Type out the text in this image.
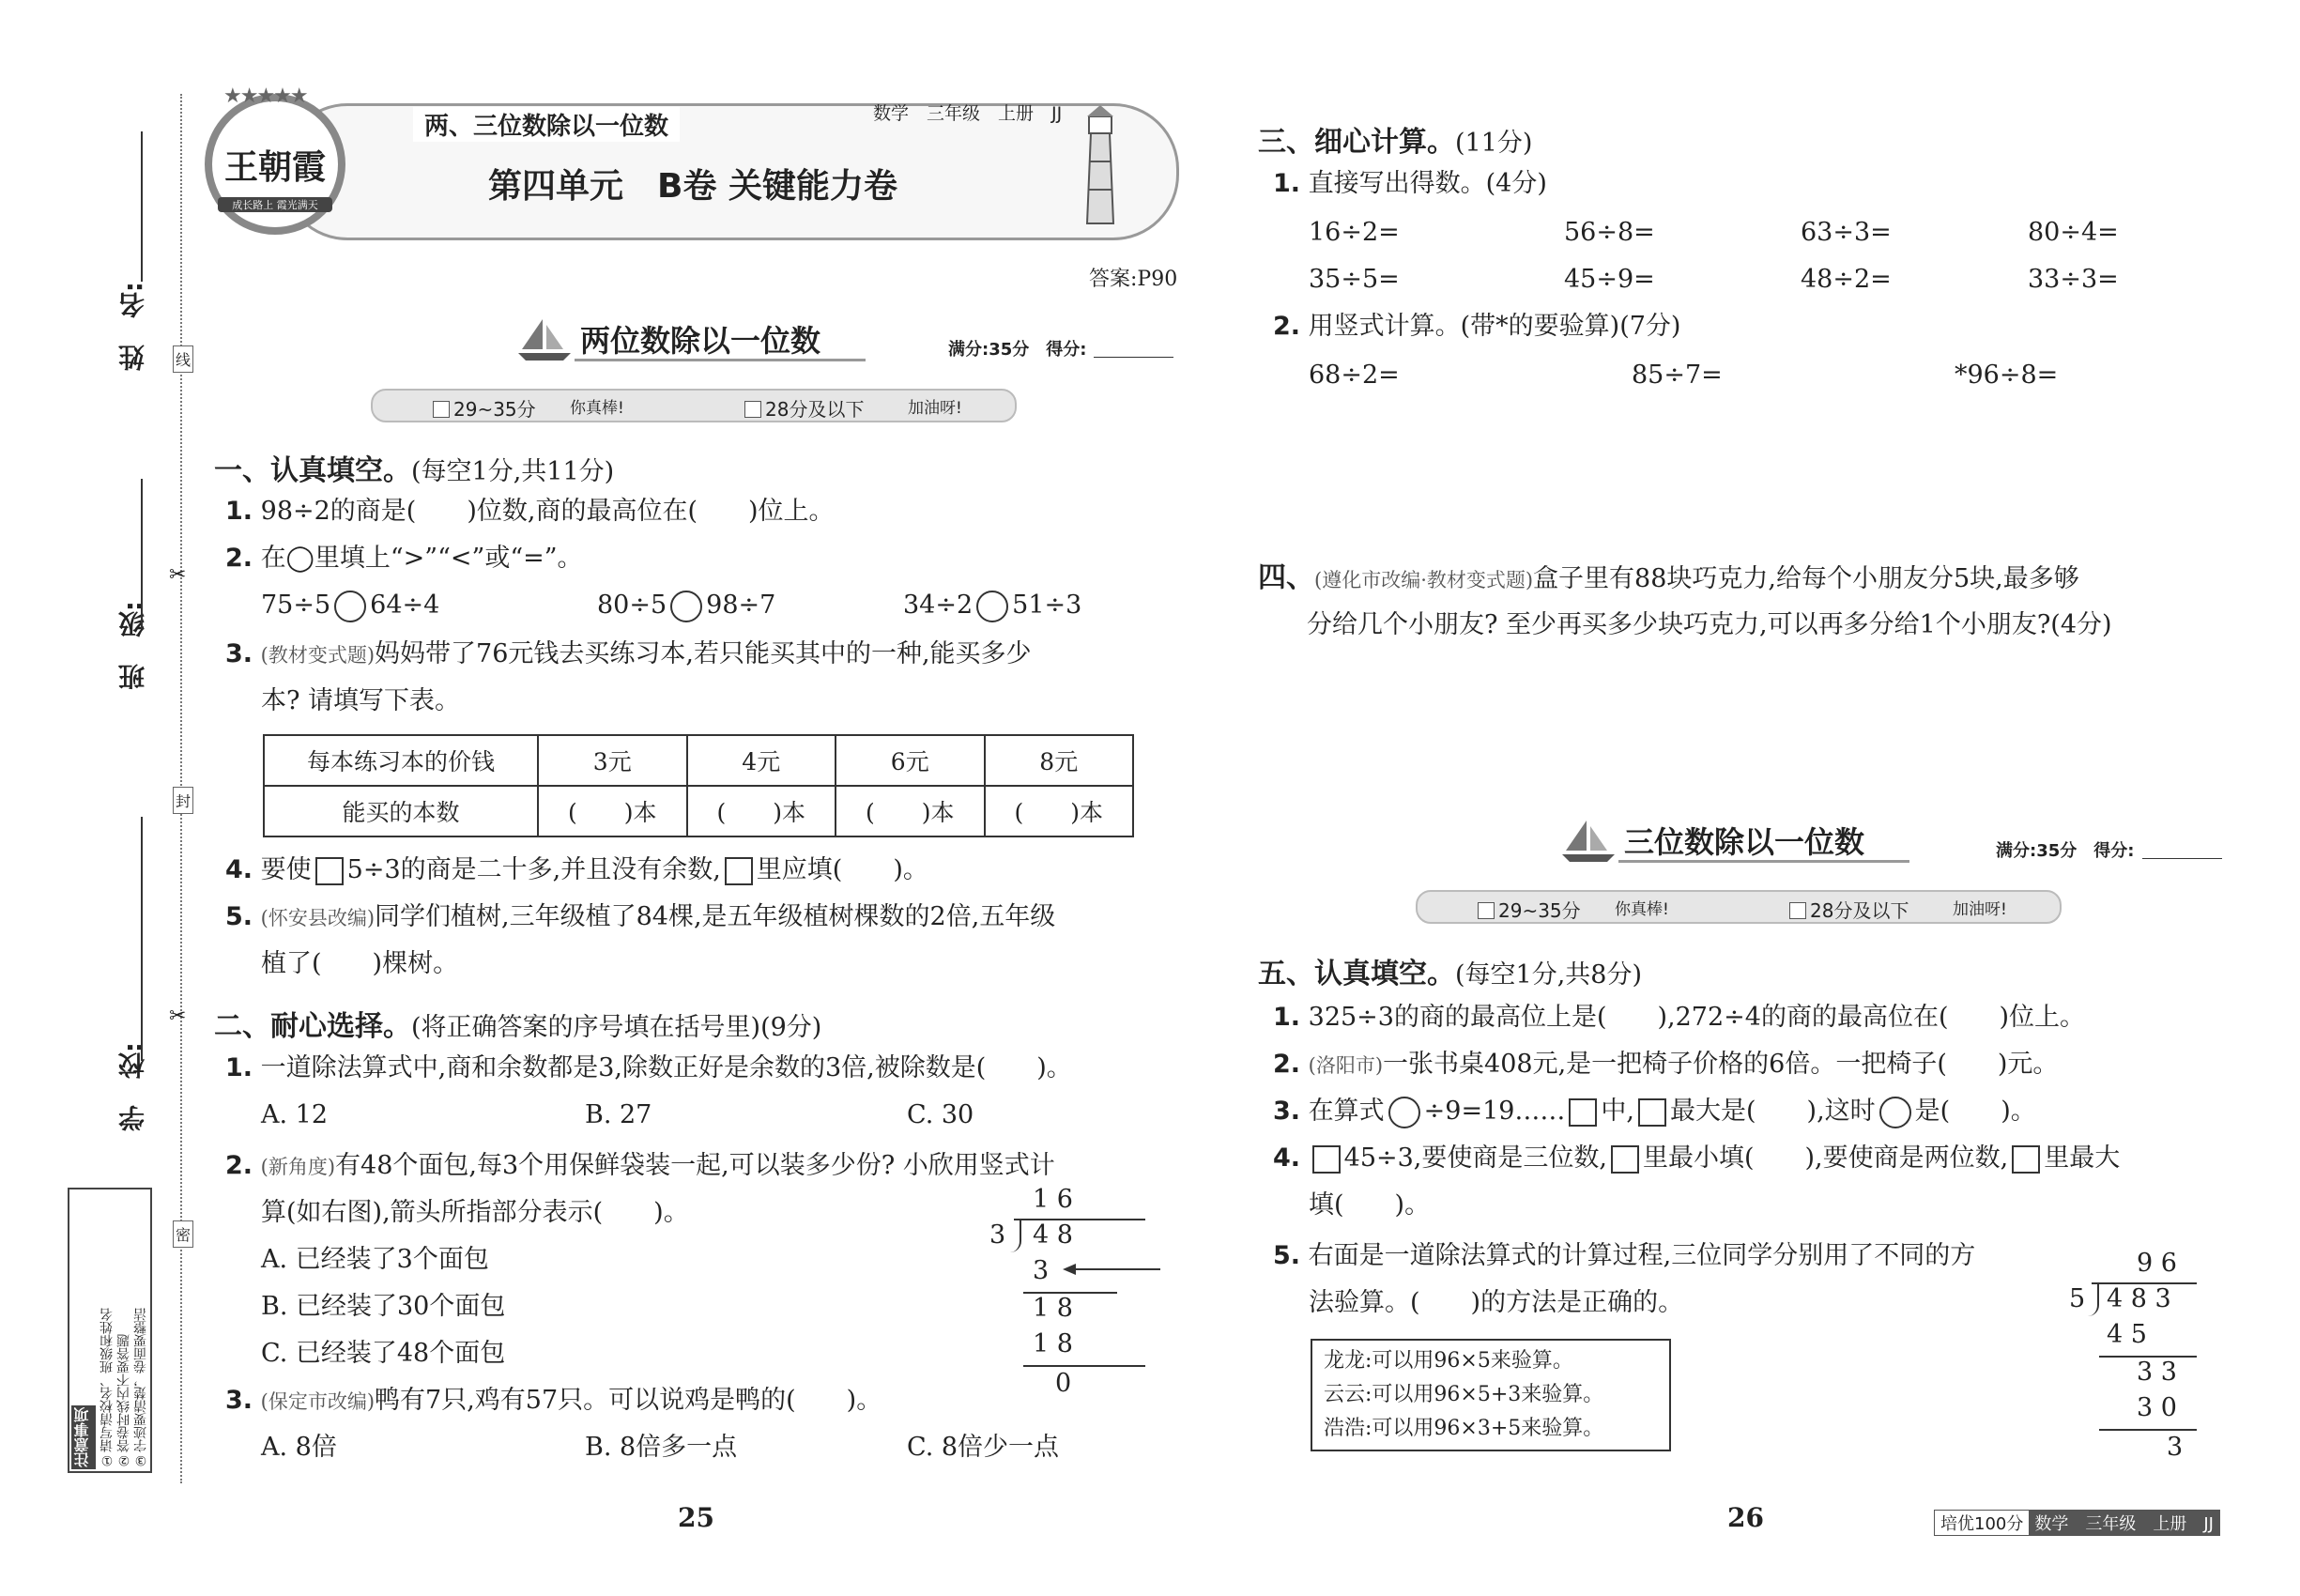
姓　名:
班　级:
学　校:
线
封
密
✂
✂
注意事项 ①请写清校名、班级和姓名 ②答卷时线内不要答题 ③字迹要清楚，卷面要整洁
★★★★★
王朝霞
成长路上 霞光满天
两、三位数除以一位数	数学　三年级　上册　JJ
第四单元　B卷 关键能力卷
答案:P90
两位数除以一位数	满分:35分　得分:
29~35分 你真棒!	28分及以下	加油呀!
一、认真填空。(每空1分,共11分)
1. 98÷2的商是(　　)位数,商的最高位在(　　)位上。
2. 在◯里填上“>”“<”或“=”。
75÷5 64÷4	80÷5 98÷7	34÷2 51÷3
3. (教材变式题)妈妈带了76元钱去买练习本,若只能买其中的一种,能买多少
本? 请填写下表。
每本练习本的价钱	3元	4元	6元	8元
能买的本数	(　　)本	(　　)本	(　　)本	(　　)本
4. 要使 5÷3的商是二十多,并且没有余数, 里应填(　　)。
5. (怀安县改编)同学们植树,三年级植了84棵,是五年级植树棵数的2倍,五年级
植了(　　)棵树。
二、耐心选择。(将正确答案的序号填在括号里)(9分)
1. 一道除法算式中,商和余数都是3,除数正好是余数的3倍,被除数是(　　)。
A. 12	B. 27	C. 30
2. (新角度)有48个面包,每3个用保鲜袋装一起,可以装多少份? 小欣用竖式计
算(如右图),箭头所指部分表示(　　)。
A. 已经装了3个面包
B. 已经装了30个面包
C. 已经装了48个面包
1 6
3 4 8
3
1 8
1 8
0
3. (保定市改编)鸭有7只,鸡有57只。可以说鸡是鸭的(　　)。
A. 8倍	B. 8倍多一点	C. 8倍少一点
25
三、细心计算。(11分)
1. 直接写出得数。(4分)
16÷2=	56÷8=	63÷3=	80÷4=
35÷5=	45÷9=	48÷2=	33÷3=
2. 用竖式计算。(带*的要验算)(7分)
68÷2=	85÷7=	*96÷8=
四、(遵化市改编·教材变式题)盒子里有88块巧克力,给每个小朋友分5块,最多够
分给几个小朋友? 至少再买多少块巧克力,可以再多分给1个小朋友?(4分)
三位数除以一位数	满分:35分　得分:
29~35分 你真棒!	28分及以下	加油呀!
五、认真填空。(每空1分,共8分)
1. 325÷3的商的最高位上是(　　),272÷4的商的最高位在(　　)位上。
2. (洛阳市)一张书桌408元,是一把椅子价格的6倍。一把椅子(　　)元。
3. 在算式 ÷9=19…… 中, 最大是(　　),这时 是(　　)。
4. 45÷3,要使商是三位数, 里最小填(　　),要使商是两位数, 里最大
填(　　)。
5. 右面是一道除法算式的计算过程,三位同学分别用了不同的方
法验算。(　　)的方法是正确的。
龙龙:可以用96×5来验算。
云云:可以用96×5+3来验算。
浩浩:可以用96×3+5来验算。
9 6
5 4 8 3
4 5
3 3
3 0
3
26	培优100分 数学　三年级　上册　JJ
